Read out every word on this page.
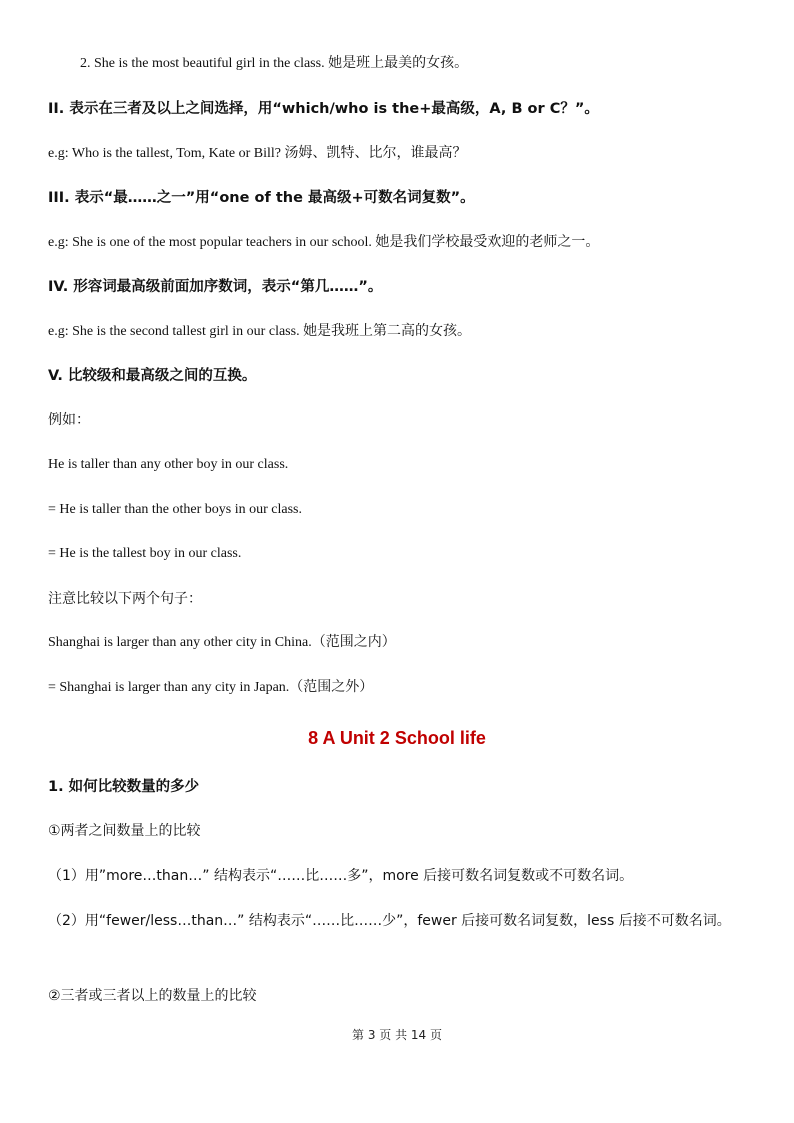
2. She is the most beautiful girl in the class. 她是班上最美的女孩。
II. 表示在三者及以上之间选择，用“which/who is the+最高级，A, B or C？”。
e.g: Who is the tallest, Tom, Kate or Bill? 汤姆、凯特、比尔，谁最高？
III. 表示“最……之一”用“one of the 最高级+可数名词复数”。
e.g: She is one of the most popular teachers in our school. 她是我们学校最受欢迎的老师之一。
IV. 形容词最高级前面加序数词，表示“第几……”。
e.g: She is the second tallest girl in our class. 她是我班上第二高的女孩。
V. 比较级和最高级之间的互换。
例如：
He is taller than any other boy in our class.
= He is taller than the other boys in our class.
= He is the tallest boy in our class.
注意比较以下两个句子：
Shanghai is larger than any other city in China.（范围之内）
= Shanghai is larger than any city in Japan.（范围之外）
8 A Unit 2 School life
1. 如何比较数量的多少
①两者之间数量上的比较
（1）用”more…than…” 结构表示“……比……多”，more 后接可数名词复数或不可数名词。
（2）用“fewer/less…than…” 结构表示“……比……少”，fewer 后接可数名词复数，less 后接不可数名词。
②三者或三者以上的数量上的比较
第 3 页 共 14 页
